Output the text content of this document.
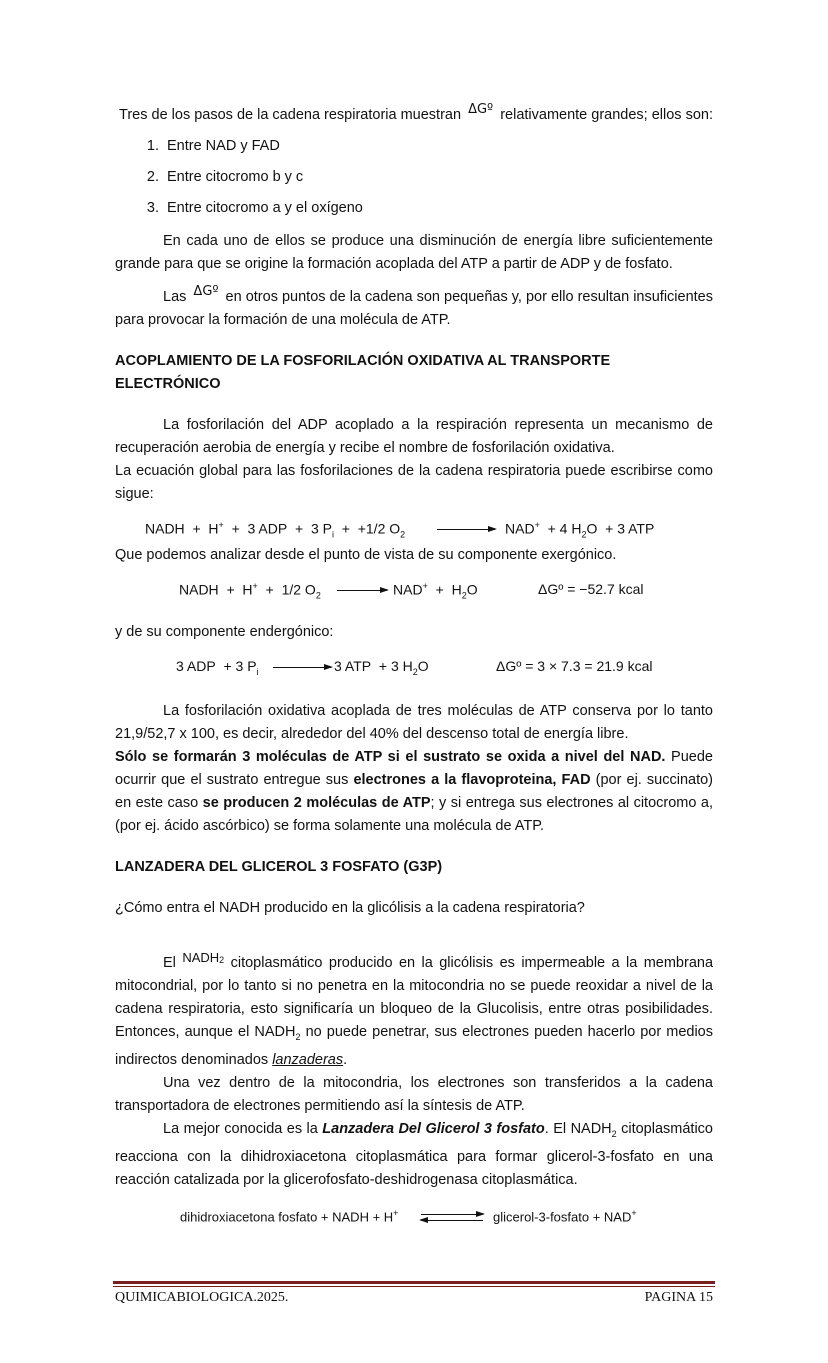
Tres de los pasos de la cadena respiratoria muestran ΔGº relativamente grandes; ellos son:

1. Entre NAD y FAD
2. Entre citocromo b y c
3. Entre citocromo a y el oxígeno

En cada uno de ellos se produce una disminución de energía libre suficientemente grande para que se origine la formación acoplada del ATP a partir de ADP y de fosfato.

Las ΔGº en otros puntos de la cadena son pequeñas y, por ello resultan insuficientes para provocar la formación de una molécula de ATP.

ACOPLAMIENTO DE LA FOSFORILACIÓN OXIDATIVA AL TRANSPORTE ELECTRÓNICO

La fosforilación del ADP acoplado a la respiración representa un mecanismo de recuperación aerobia de energía y recibe el nombre de fosforilación oxidativa.

La ecuación global para las fosforilaciones de la cadena respiratoria puede escribirse como sigue:

NADH  +  H+  +  3 ADP  +  3 $P_i + +1/2$ $O_2$	NAD+ + 4 $H_2O + 3$ ATP

Que podemos analizar desde el punto de vista de su componente exergónico.

NADH + H+ + 1/2 $O_2 \to NAD^+ + H_2O$	ΔGº = −52.7 kcal

y de su componente endergónico:

3 ADP + 3 $P_i$	3 ATP + 3 $H_2O$	ΔGº = 3 × 7.3 = 21.9 kcal

La fosforilación oxidativa acoplada de tres moléculas de ATP conserva por lo tanto 21,9/52,7 x 100, es decir, alrededor del 40% del descenso total de energía libre.

Sólo se formarán 3 moléculas de ATP si el sustrato se oxida a nivel del NAD. Puede ocurrir que el sustrato entregue sus electrones a la flavoproteina, FAD (por ej. succinato) en este caso se producen 2 moléculas de ATP; y si entrega sus electrones al citocromo a, (por ej. ácido ascórbico) se forma solamente una molécula de ATP.

LANZADERA DEL GLICEROL 3 FOSFATO (G3P)

¿Cómo entra el NADH producido en la glicólisis a la cadena respiratoria?

El $NADH_2$ citoplasmático producido en la glicólisis es impermeable a la membrana mitocondrial, por lo tanto si no penetra en la mitocondria no se puede reoxidar a nivel de la cadena respiratoria, esto significaría un bloqueo de la Glucolisis, entre otras posibilidades. Entonces, aunque el $NADH_2$ no puede penetrar, sus electrones pueden hacerlo por medios indirectos denominados lanzaderas.

Una vez dentro de la mitocondria, los electrones son transferidos a la cadena transportadora de electrones permitiendo así la síntesis de ATP.

La mejor conocida es la Lanzadera Del Glicerol 3 fosfato. El $NADH_2$ citoplasmático reacciona con la dihidroxiacetona citoplasmática para formar glicerol-3-fosfato en una reacción catalizada por la glicerofosfato-deshidrogenasa citoplasmática.

dihidroxiacetona fosfato + NADH + H+	glicerol-3-fosfato + NAD+
QUIMICABIOLOGICA.2025.	PAGINA 15
